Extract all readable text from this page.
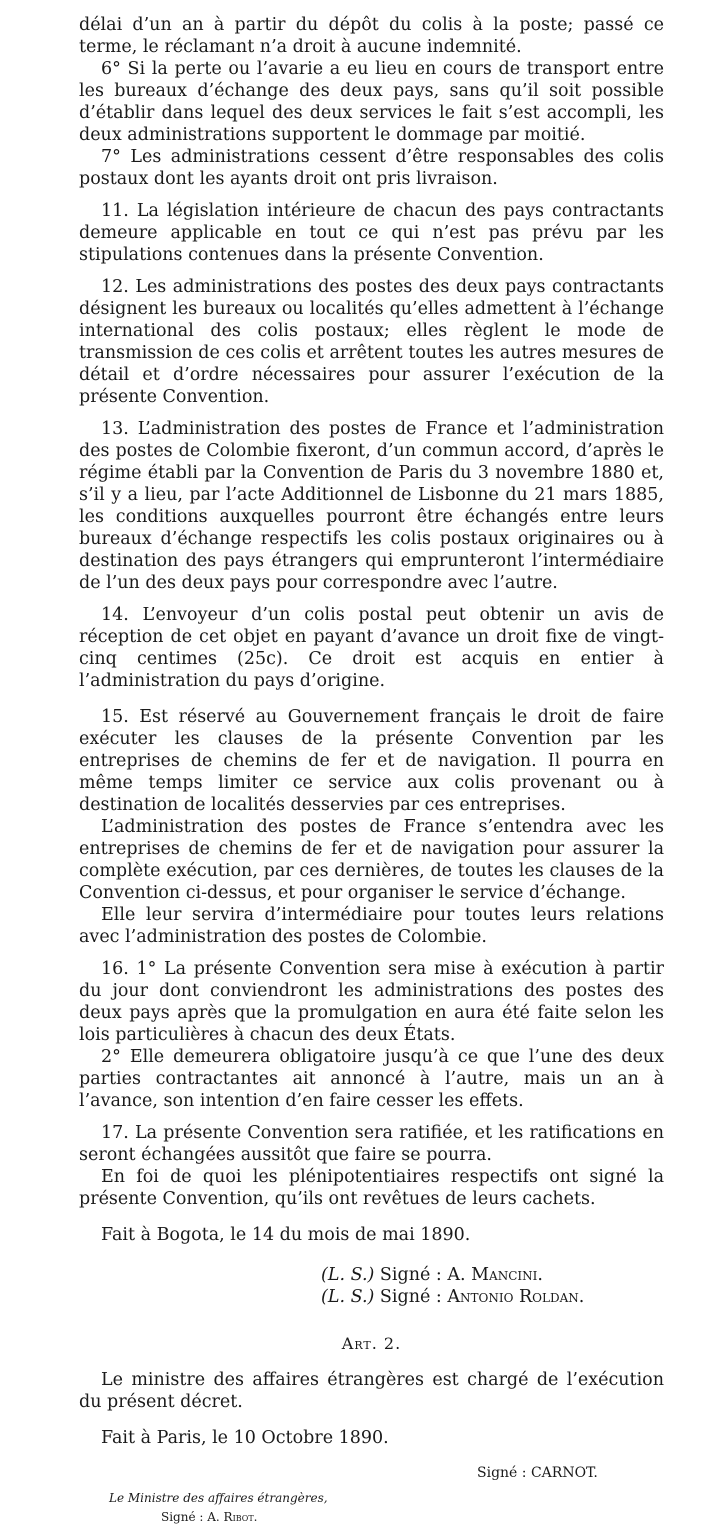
délai d’un an à partir du dépôt du colis à la poste; passé ce terme, le réclamant n’a droit à aucune indemnité.

6° Si la perte ou l’avarie a eu lieu en cours de transport entre les bureaux d’échange des deux pays, sans qu’il soit possible d’établir dans lequel des deux services le fait s’est accompli, les deux administrations supportent le dommage par moitié.

7° Les administrations cessent d’être responsables des colis postaux dont les ayants droit ont pris livraison.

11. La législation intérieure de chacun des pays contractants demeure applicable en tout ce qui n’est pas prévu par les stipulations contenues dans la présente Convention.

12. Les administrations des postes des deux pays contractants désignent les bureaux ou localités qu’elles admettent à l’échange international des colis postaux; elles règlent le mode de transmission de ces colis et arrêtent toutes les autres mesures de détail et d’ordre nécessaires pour assurer l’exécution de la présente Convention.

13. L’administration des postes de France et l’administration des postes de Colombie fixeront, d’un commun accord, d’après le régime établi par la Convention de Paris du 3 novembre 1880 et, s’il y a lieu, par l’acte Additionnel de Lisbonne du 21 mars 1885, les conditions auxquelles pourront être échangés entre leurs bureaux d’échange respectifs les colis postaux originaires ou à destination des pays étrangers qui emprunteront l’intermédiaire de l’un des deux pays pour correspondre avec l’autre.

14. L’envoyeur d’un colis postal peut obtenir un avis de réception de cet objet en payant d’avance un droit fixe de vingt-cinq centimes (25c). Ce droit est acquis en entier à l’administration du pays d’origine.

15. Est réservé au Gouvernement français le droit de faire exécuter les clauses de la présente Convention par les entreprises de chemins de fer et de navigation. Il pourra en même temps limiter ce service aux colis provenant ou à destination de localités desservies par ces entreprises.

L’administration des postes de France s’entendra avec les entreprises de chemins de fer et de navigation pour assurer la complète exécution, par ces dernières, de toutes les clauses de la Convention ci-dessus, et pour organiser le service d’échange.

Elle leur servira d’intermédiaire pour toutes leurs relations avec l’administration des postes de Colombie.

16. 1° La présente Convention sera mise à exécution à partir du jour dont conviendront les administrations des postes des deux pays après que la promulgation en aura été faite selon les lois particulières à chacun des deux États.

2° Elle demeurera obligatoire jusqu’à ce que l’une des deux parties contractantes ait annoncé à l’autre, mais un an à l’avance, son intention d’en faire cesser les effets.

17. La présente Convention sera ratifiée, et les ratifications en seront échangées aussitôt que faire se pourra.

En foi de quoi les plénipotentiaires respectifs ont signé la présente Convention, qu’ils ont revêtues de leurs cachets.

Fait à Bogota, le 14 du mois de mai 1890.

(L. S.) Signé : A. Mancini.

(L. S.) Signé : Antonio Roldan.

Art. 2.

Le ministre des affaires étrangères est chargé de l’exécution du présent décret.

Fait à Paris, le 10 Octobre 1890.

Signé : CARNOT.
Le Ministre des affaires étrangères,
Signé : A. Ribot.
